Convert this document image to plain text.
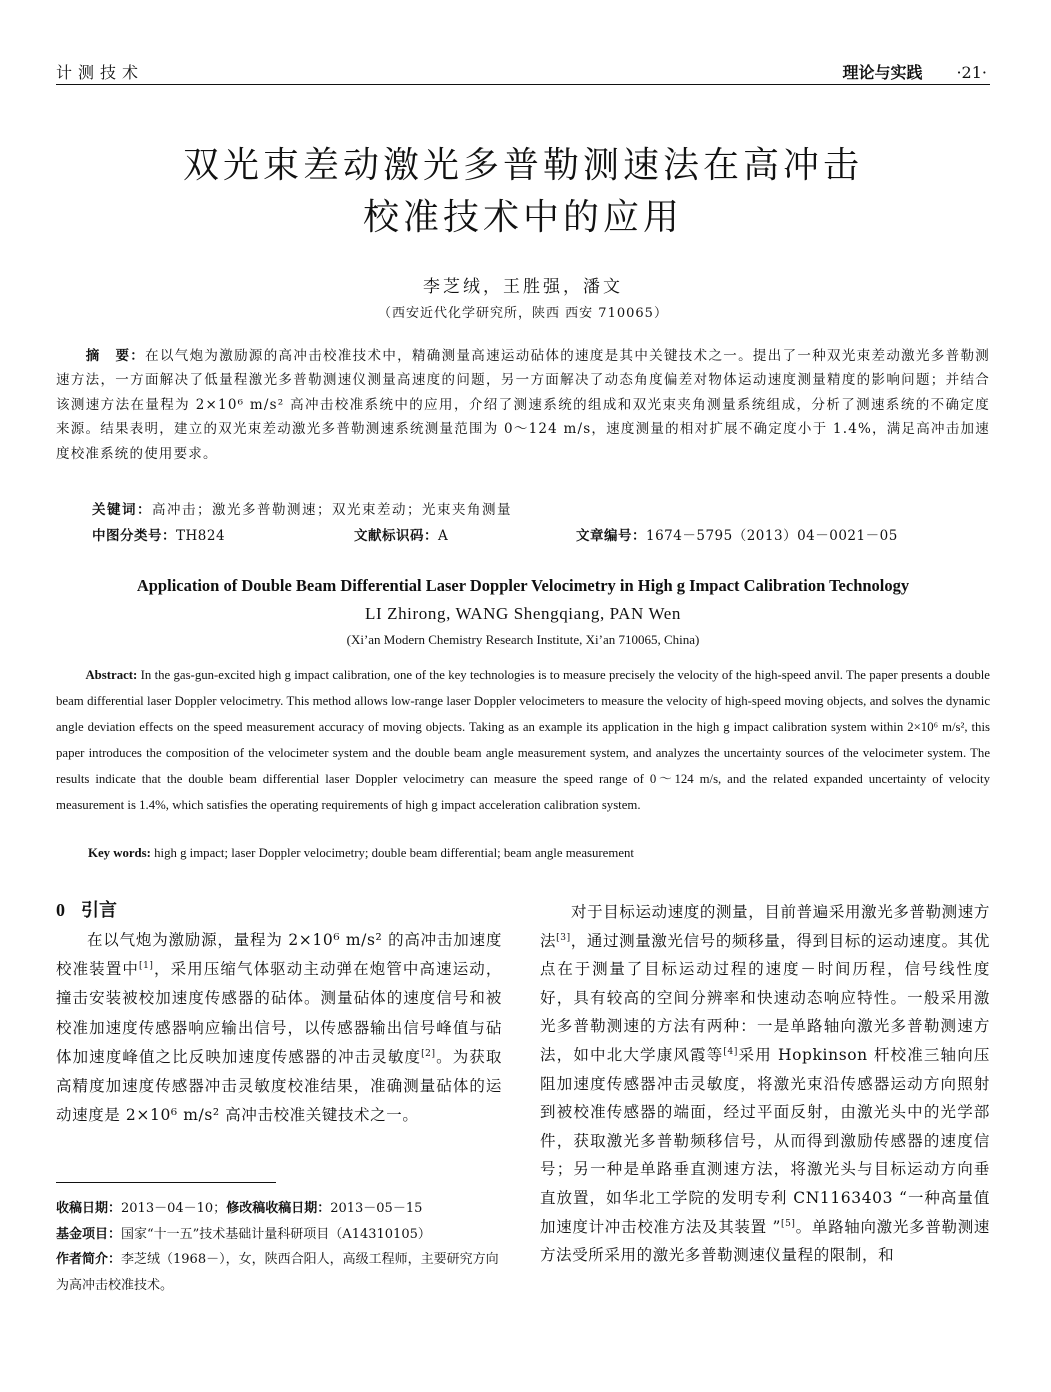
计测技术	理论与实践 ·21·
双光束差动激光多普勒测速法在高冲击
校准技术中的应用
李芝绒，王胜强，潘文
（西安近代化学研究所，陕西 西安 710065）
摘　要：在以气炮为激励源的高冲击校准技术中，精确测量高速运动砧体的速度是其中关键技术之一。提出了一种双光束差动激光多普勒测速方法，一方面解决了低量程激光多普勒测速仪测量高速度的问题，另一方面解决了动态角度偏差对物体运动速度测量精度的影响问题；并结合该测速方法在量程为 2×10⁶ m/s² 高冲击校准系统中的应用，介绍了测速系统的组成和双光束夹角测量系统组成，分析了测速系统的不确定度来源。结果表明，建立的双光束差动激光多普勒测速系统测量范围为 0～124 m/s，速度测量的相对扩展不确定度小于 1.4%，满足高冲击加速度校准系统的使用要求。
关键词：高冲击；激光多普勒测速；双光束差动；光束夹角测量
中图分类号：TH824	文献标识码：A	文章编号：1674－5795（2013）04－0021－05
Application of Double Beam Differential Laser Doppler Velocimetry in High g Impact Calibration Technology
LI Zhirong, WANG Shengqiang, PAN Wen
(Xi’an Modern Chemistry Research Institute, Xi’an 710065, China)
Abstract: In the gas-gun-excited high g impact calibration, one of the key technologies is to measure precisely the velocity of the high-speed anvil. The paper presents a double beam differential laser Doppler velocimetry. This method allows low-range laser Doppler velocimeters to measure the velocity of high-speed moving objects, and solves the dynamic angle deviation effects on the speed measurement accuracy of moving objects. Taking as an example its application in the high g impact calibration system within 2×10⁶ m/s², this paper introduces the composition of the velocimeter system and the double beam angle measurement system, and analyzes the uncertainty sources of the velocimeter system. The results indicate that the double beam differential laser Doppler velocimetry can measure the speed range of 0～124 m/s, and the related expanded uncertainty of velocity measurement is 1.4%, which satisfies the operating requirements of high g impact acceleration calibration system.
Key words: high g impact; laser Doppler velocimetry; double beam differential; beam angle measurement
0 引言

在以气炮为激励源，量程为 2×10⁶ m/s² 的高冲击加速度校准装置中[1]，采用压缩气体驱动主动弹在炮管中高速运动，撞击安装被校加速度传感器的砧体。测量砧体的速度信号和被校准加速度传感器响应输出信号，以传感器输出信号峰值与砧体加速度峰值之比反映加速度传感器的冲击灵敏度[2]。为获取高精度加速度传感器冲击灵敏度校准结果，准确测量砧体的运动速度是 2×10⁶ m/s² 高冲击校准关键技术之一。

收稿日期：2013－04－10；修改稿收稿日期：2013－05－15

基金项目：国家“十一五”技术基础计量科研项目（A14310105）

作者简介：李芝绒（1968－），女，陕西合阳人，高级工程师，主要研究方向为高冲击校准技术。

对于目标运动速度的测量，目前普遍采用激光多普勒测速方法[3]，通过测量激光信号的频移量，得到目标的运动速度。其优点在于测量了目标运动过程的速度－时间历程，信号线性度好，具有较高的空间分辨率和快速动态响应特性。一般采用激光多普勒测速的方法有两种：一是单路轴向激光多普勒测速方法，如中北大学康风霞等[4]采用 Hopkinson 杆校准三轴向压阻加速度传感器冲击灵敏度，将激光束沿传感器运动方向照射到被校准传感器的端面，经过平面反射，由激光头中的光学部件，获取激光多普勒频移信号，从而得到激励传感器的速度信号；另一种是单路垂直测速方法，将激光头与目标运动方向垂直放置，如华北工学院的发明专利 CN1163403 “一种高量值加速度计冲击校准方法及其装置 ”[5]。单路轴向激光多普勒测速方法受所采用的激光多普勒测速仪量程的限制，和
